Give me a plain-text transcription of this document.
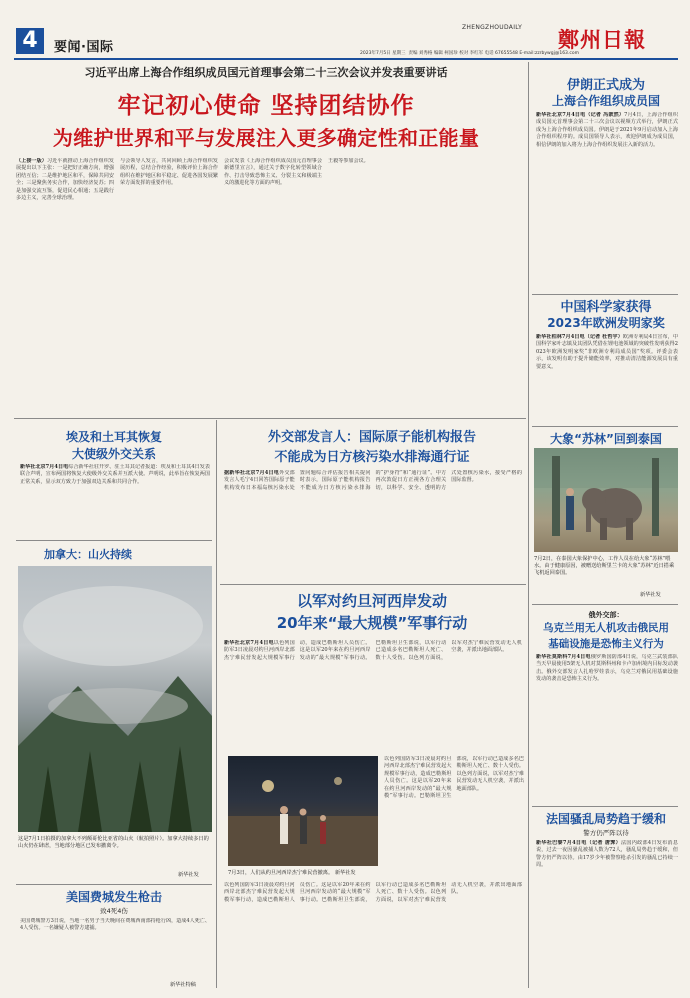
4	要闻·国际
ZHENGZHOUDAILY 鄭州日報
2023年7月5日 星期三 责编 刘秀格 编辑 柯国珍 校对 李红军 电话 67655548 E-mail:zzrbywgj@163.com
习近平出席上海合作组织成员国元首理事会第二十三次会议并发表重要讲话
牢记初心使命 坚持团结协作
为维护世界和平与发展注入更多确定性和正能量
（上接一版）习近平就推动上海合作组织发展提出以下主张：一是把好正确方向，增强团结互信；二是维护地区和平，保障共同安全；三是聚焦务实合作，加快经济复苏；四是加强交流互鉴，促进民心相通；五是践行多边主义，完善全球治理。
与会领导人发言，共同回顾上海合作组织发展历程，总结合作经验，积极评价上海合作组织在维护地区和平稳定、促进各国发展繁荣方面发挥的重要作用。
会议发表《上海合作组织成员国元首理事会新德里宣言》，通过关于数字化转型领域合作、打击导致恐怖主义、分裂主义和极端主义的激进化等方面的声明。
王毅等参加会议。
伊朗正式成为
上海合作组织成员国
新华社北京7月4日电（记者 冯歆然）7月4日，上海合作组织成员国元首理事会第二十三次会议以视频方式举行，伊朗正式成为上海合作组织成员国。伊朗是于2021年9月启动加入上海合作组织程序的。成员国领导人表示，欢迎伊朗成为成员国，相信伊朗的加入将为上海合作组织发展注入新的活力。
中国科学家获得
2023年欧洲发明家奖
新华社柏林7月4日电（记者 杜哲宇）欧洲专利局4日宣布，中国科学家叶志镇及其团队凭借在锂电池领域的突破性发明获得2023年欧洲发明家奖“非欧洲专利局成员国”奖项。评委会表示，该发明有助于提升储能效率，对推动清洁能源发展具有重要意义。
大象“苏林”回到泰国
7月2日，在泰国大象保护中心，工作人员在给大象“苏林”喂水。由于健康原因，被赠送给斯里兰卡的大象“苏林”近日搭乘飞机返回泰国。
新华社发
俄外交部：
乌克兰用无人机攻击俄民用
基础设施是恐怖主义行为
新华社莫斯科7月4日电俄罗斯国防部4日说，乌克兰武装部队当天早晨使用5架无人机对莫斯科州和卡卢加州境内目标发动袭击。俄外交部发言人扎哈罗娃表示，乌克兰对俄民用基础设施发动的袭击是恐怖主义行为。
法国骚乱局势趋于缓和
警方仍严阵以待
新华社巴黎7月4日电（记者 唐霁）法国内政部4日发布消息说，过去一夜因骚乱被捕人数为72人，骚乱局势趋于缓和，但警方仍严阵以待。由17岁少年被警察枪杀引发的骚乱已持续一周。
埃及和土耳其恢复
大使级外交关系
新华社北京7月4日电综合新华社驻开罗、驻土耳其记者报道：埃及和土耳其4日发表联合声明，宣布两国将恢复大使级外交关系并互派大使。声明说，此举旨在恢复两国正常关系，显示双方致力于加强双边关系和共同合作。
加拿大：山火持续
这是7月1日拍摄的加拿大不列颠哥伦比亚省的山火（航拍照片）。加拿大持续多日的山火仍在肆虐，当地部分地区已发布撤离令。
新华社发
美国费城发生枪击
致4死4伤
美国费城警方3日说，当地一名男子当天晚间在费城西南部持枪行凶，造成4人死亡、4人受伤。一名嫌疑人被警方逮捕。
新华社特稿
外交部发言人：国际原子能机构报告
不能成为日方核污染水排海通行证
据新华社北京7月4日电外交部发言人毛宁4日回答国际原子能机构发布日本福岛核污染水处置问题综合评估报告相关提问时表示，国际原子能机构报告不能成为日方核污染水排海的“护身符”和“通行证”。中方再次敦促日方正视各方合理关切，以科学、安全、透明的方式处置核污染水，接受严格的国际监督。
以军对约旦河西岸发动
20年来“最大规模”军事行动
新华社北京7月4日电以色列国防军3日凌晨对约旦河西岸北部杰宁难民营发起大规模军事行动，造成巴勒斯坦人员伤亡。这是以军20年来在约旦河西岸发动的“最大规模”军事行动。巴勒斯坦卫生部说，以军行动已造成多名巴勒斯坦人死亡、数十人受伤。以色列方面说，以军对杰宁难民营发动无人机空袭，并派出地面部队。
7月3日，人们从约旦河西岸杰宁难民营撤离。 新华社发
以色列国防军3日凌晨对约旦河西岸北部杰宁难民营发起大规模军事行动，造成巴勒斯坦人员伤亡。这是以军20年来在约旦河西岸发动的“最大规模”军事行动。巴勒斯坦卫生部说，以军行动已造成多名巴勒斯坦人死亡、数十人受伤。以色列方面说，以军对杰宁难民营发动无人机空袭，并派出地面部队。
以色列国防军3日凌晨对约旦河西岸北部杰宁难民营发起大规模军事行动，造成巴勒斯坦人员伤亡。这是以军20年来在约旦河西岸发动的“最大规模”军事行动。巴勒斯坦卫生部说，以军行动已造成多名巴勒斯坦人死亡、数十人受伤。以色列方面说，以军对杰宁难民营发动无人机空袭，并派出地面部队。
